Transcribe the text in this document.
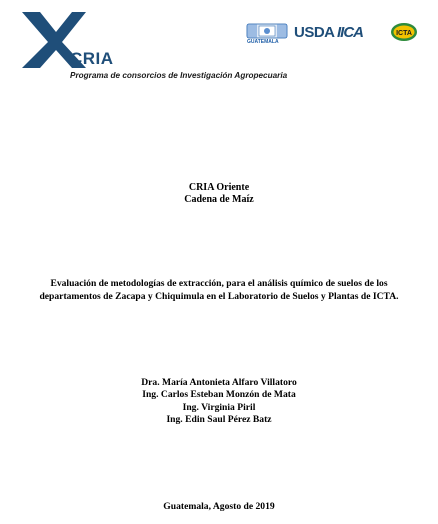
CRIA
Programa de consorcios de Investigación Agropecuaria
GUATEMALA
USDA IICA	ICTA
CRIA Oriente
Cadena de Maíz
Evaluación de metodologías de extracción, para el análisis químico de suelos de los
departamentos de Zacapa y Chiquimula en el Laboratorio de Suelos y Plantas de ICTA.
Dra. María Antonieta Alfaro Villatoro
Ing. Carlos Esteban Monzón de Mata
Ing. Virginia Piril
Ing. Edin Saul Pérez Batz
Guatemala, Agosto de 2019
